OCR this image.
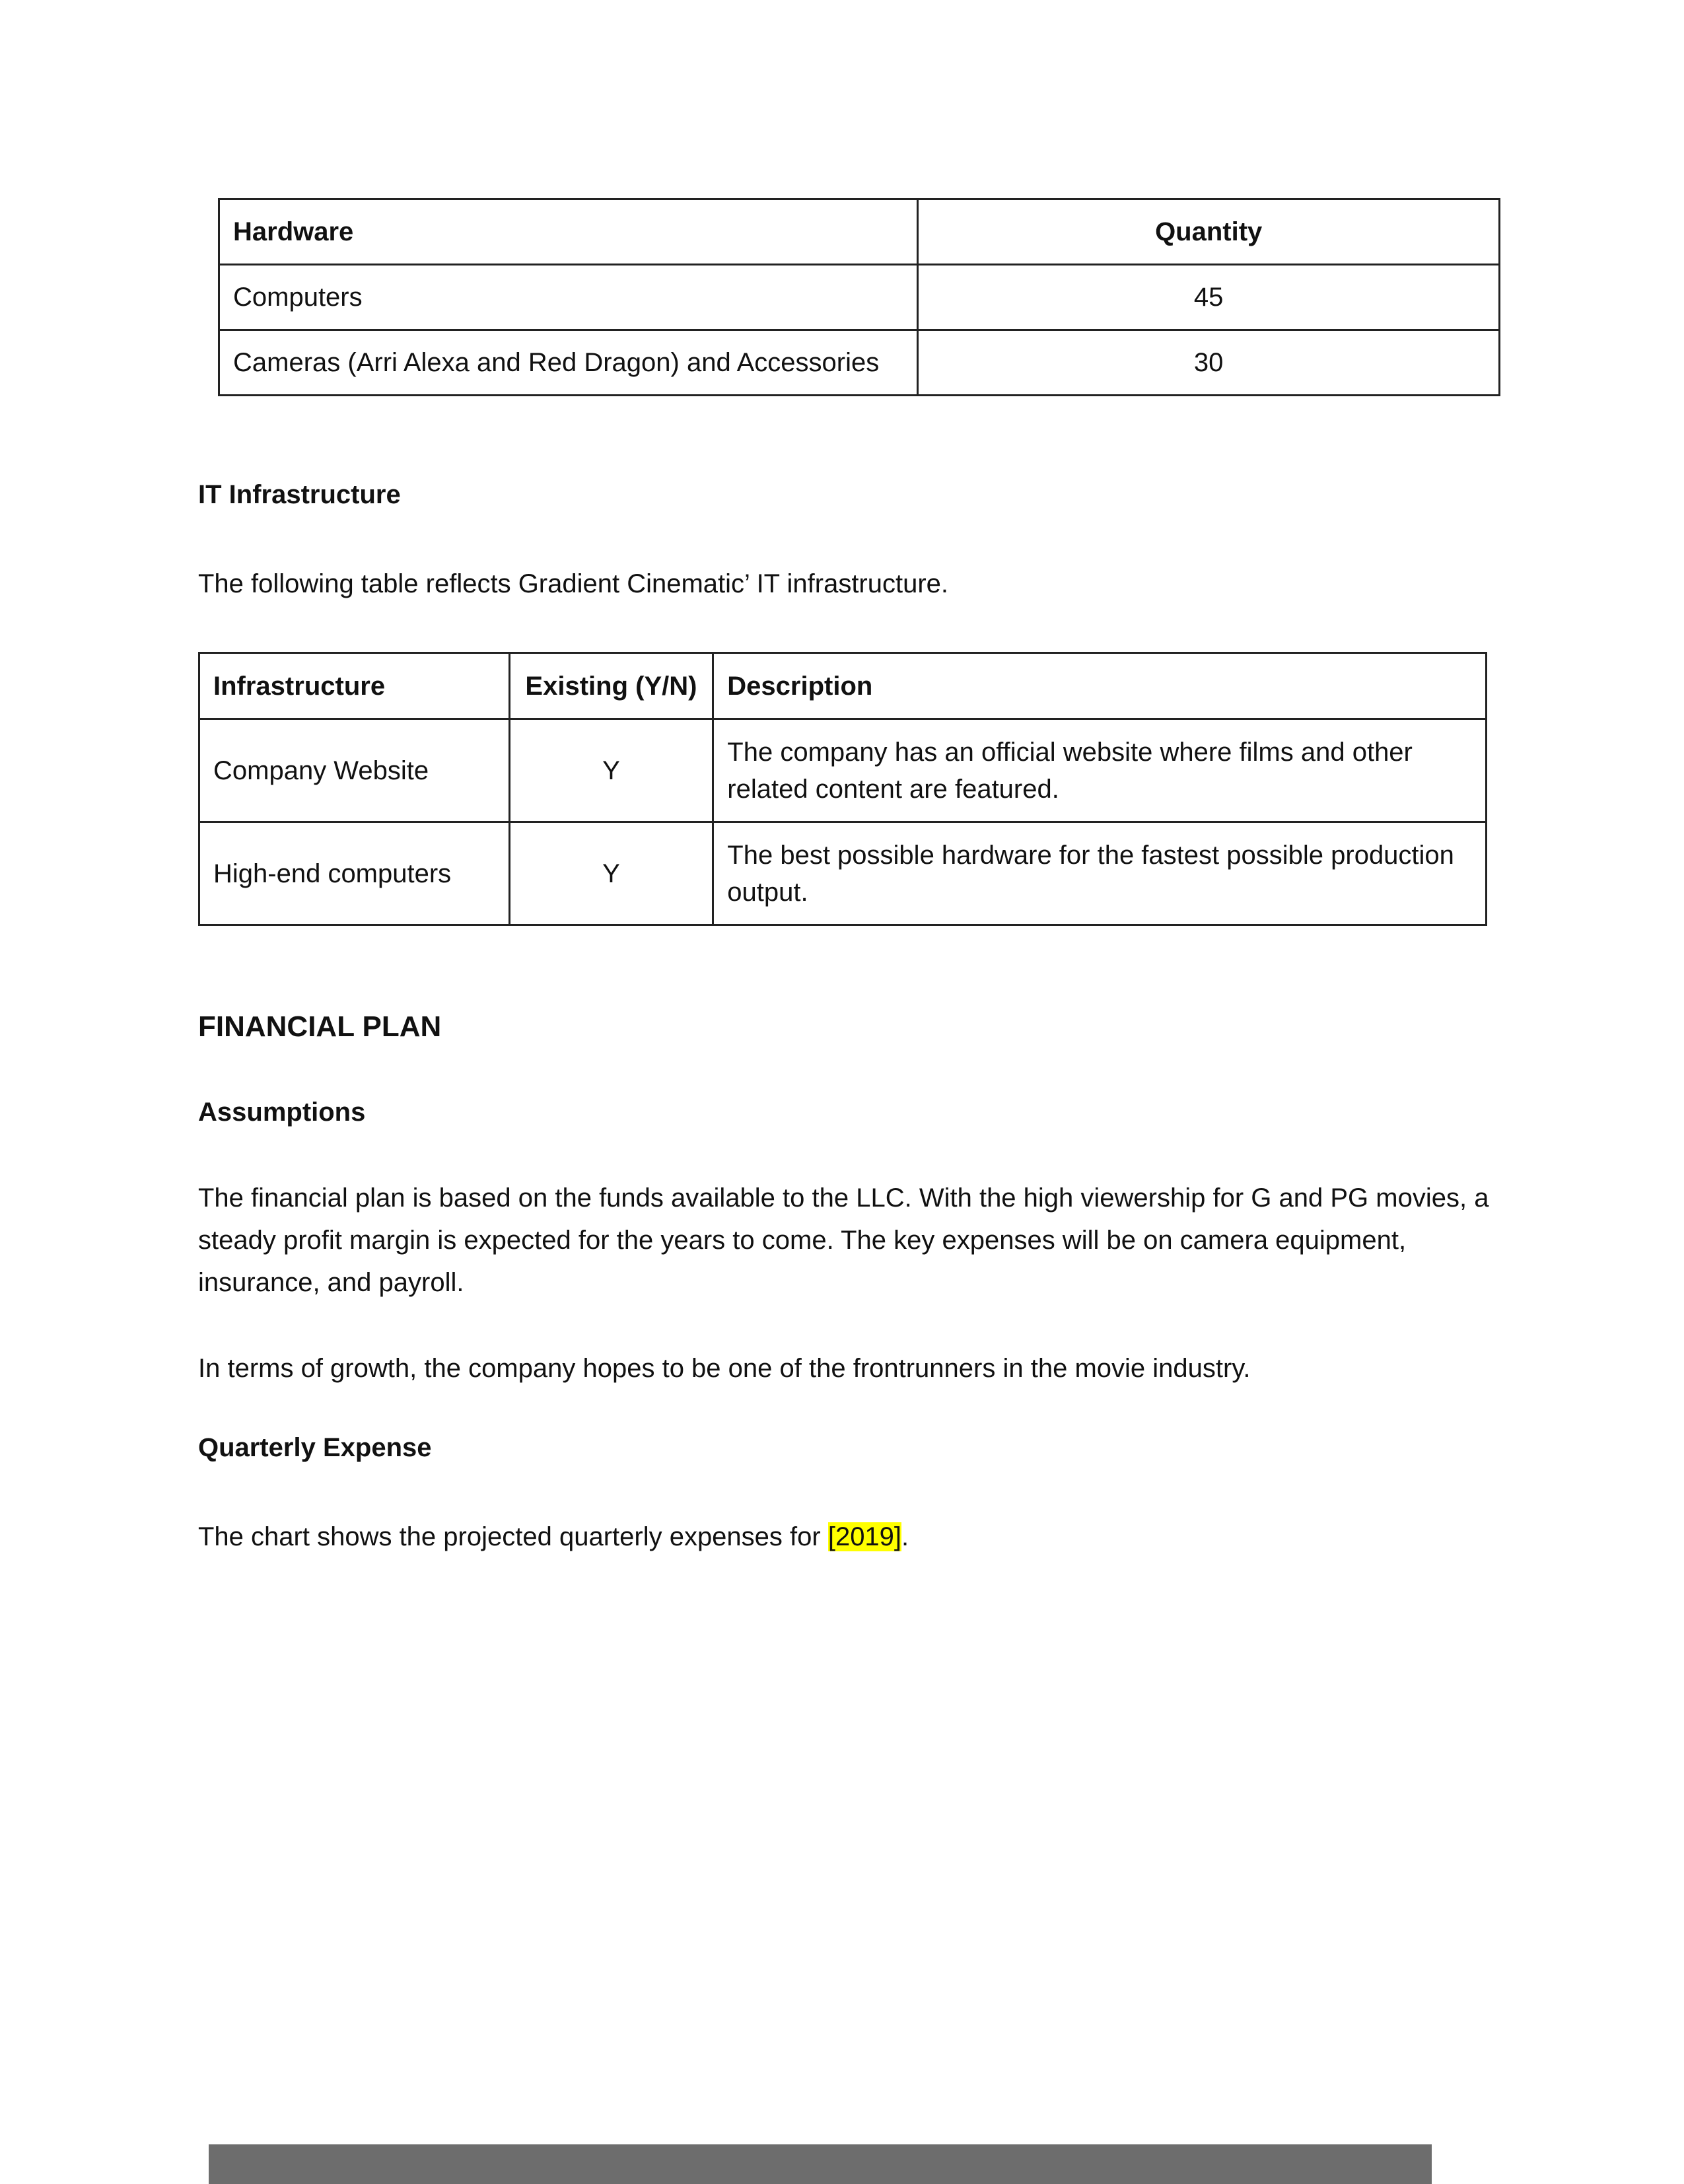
Hardware	Quantity
Computers	45
Cameras (Arri Alexa and Red Dragon) and Accessories	30
IT Infrastructure
The following table reflects Gradient Cinematic’ IT infrastructure.
Infrastructure	Existing (Y/N)	Description
Company Website	Y	The company has an official website where films and other related content are featured.
High-end computers	Y	The best possible hardware for the fastest possible production output.
FINANCIAL PLAN
Assumptions
The financial plan is based on the funds available to the LLC. With the high viewership for G and PG movies, a steady profit margin is expected for the years to come. The key expenses will be on camera equipment, insurance, and payroll.
In terms of growth, the company hopes to be one of the frontrunners in the movie industry.
Quarterly Expense
The chart shows the projected quarterly expenses for [2019].
